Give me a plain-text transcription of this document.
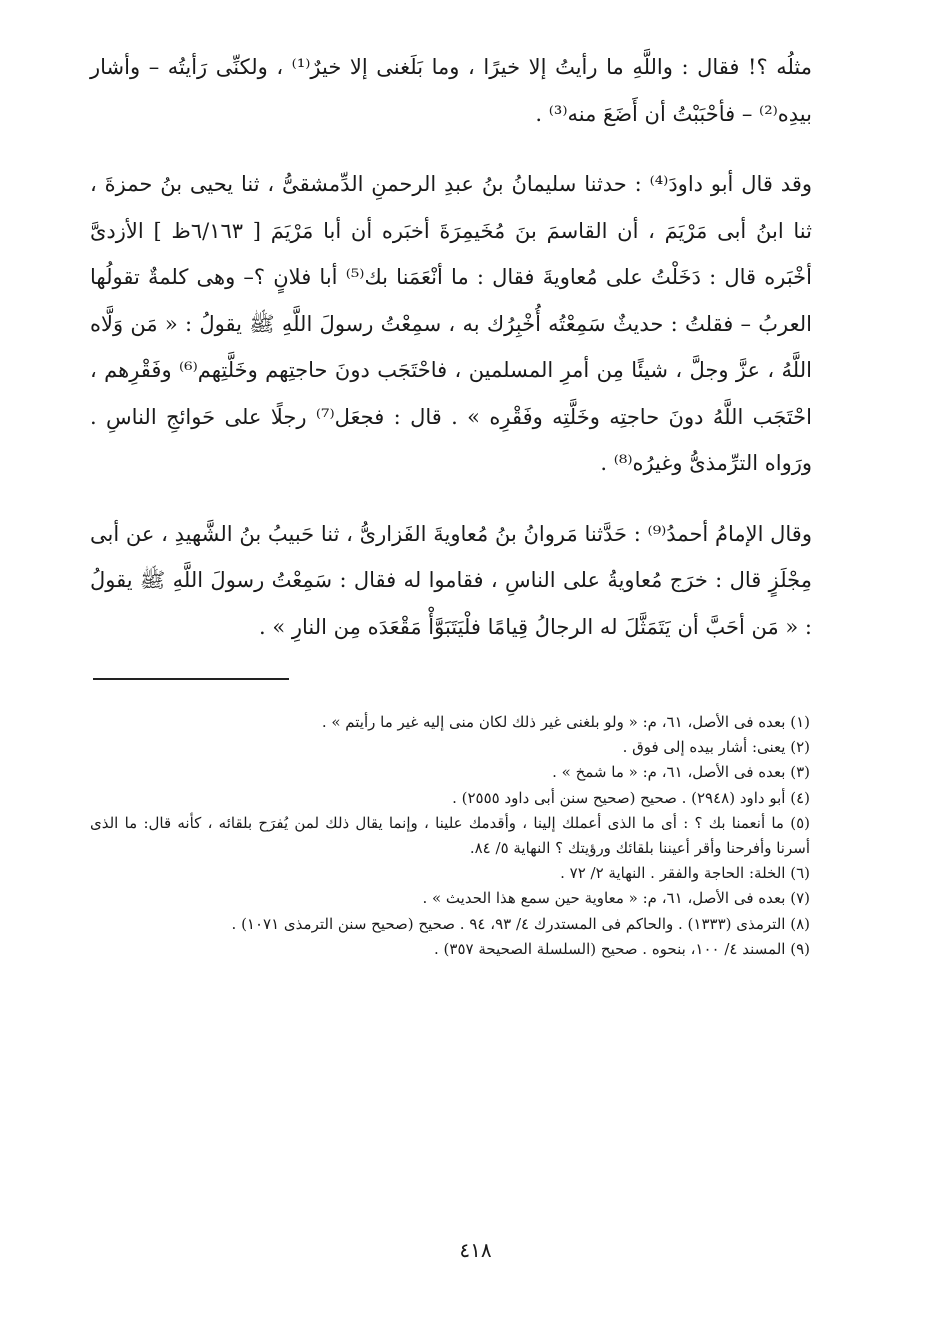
مثلُه ؟! فقال : واللَّهِ ما رأيتُ إلا خيرًا ، وما بَلَغنى إلا خيرٌ⁽¹⁾ ، ولكنِّى رَأيتُه – وأشار بيدِه⁽²⁾ – فأحْبَبْتُ أن أَضَعَ منه⁽³⁾ .

وقد قال أبو داودَ⁽⁴⁾ : حدثنا سليمانُ بنُ عبدِ الرحمنِ الدِّمشقىُّ ، ثنا يحيى بنُ حمزةَ ، ثنا ابنُ أبى مَرْيَمَ ، أن القاسمَ بنَ مُخَيمِرَةَ أخبَره أن أبا مَرْيَمَ [ ٦/١٦٣ظ ] الأزدىَّ أخْبَره قال : دَخَلْتُ على مُعاويةَ فقال : ما أنْعَمَنا بك⁽⁵⁾ أبا فلانٍ ؟– وهى كلمةٌ تقولُها العربُ – فقلتُ : حديثٌ سَمِعْتُه أُخْبِرُك به ، سمِعْتُ رسولَ اللَّهِ ﷺ يقولُ : « مَن وَلَّاه اللَّهُ ، عزَّ وجلَّ ، شيئًا مِن أمرِ المسلمين ، فاحْتَجَب دونَ حاجتِهم وخَلَّتِهم⁽⁶⁾ وفَقْرِهم ، احْتَجَب اللَّهُ دونَ حاجتِه وخَلَّتِه وفَقْرِه » . قال : فجعَل⁽⁷⁾ رجلًا على حَوائجِ الناسِ . ورَواه الترِّمذىُّ وغيرُه⁽⁸⁾ .

وقال الإمامُ أحمدُ⁽⁹⁾ : حَدَّثنا مَروانُ بنُ مُعاويةَ الفَزارىُّ ، ثنا حَبيبُ بنُ الشَّهيدِ ، عن أبى مِجْلَزٍ قال : خرَج مُعاويةُ على الناسِ ، فقاموا له فقال : سَمِعْتُ رسولَ اللَّهِ ﷺ يقولُ : « مَن أحَبَّ أن يَتَمَثَّلَ له الرجالُ قِيامًا فلْيَتَبَوَّأْ مَقْعَدَه مِن النارِ » .

(١) بعده فى الأصل، ٦١، م: « ولو بلغنى غير ذلك لكان منى إليه غير ما رأيتم » .

(٢) يعنى: أشار بيده إلى فوق .

(٣) بعده فى الأصل، ٦١، م: « ما شمخ » .

(٤) أبو داود (٢٩٤٨) . صحيح (صحيح سنن أبى داود ٢٥٥٥) .

(٥) ما أنعمنا بك ؟ : أى ما الذى أعملك إلينا ، وأقدمك علينا ، وإنما يقال ذلك لمن يُفرَح بلقائه ، كأنه قال: ما الذى أسرنا وأفرحنا وأقر أعيننا بلقائك ورؤيتك ؟ النهاية ٥/ ٨٤.

(٦) الخلة: الحاجة والفقر . النهاية ٢/ ٧٢ .

(٧) بعده فى الأصل، ٦١، م: « معاوية حين سمع هذا الحديث » .

(٨) الترمذى (١٣٣٣) . والحاكم فى المستدرك ٤/ ٩٣، ٩٤ . صحيح (صحيح سنن الترمذى ١٠٧١) .

(٩) المسند ٤/ ١٠٠، بنحوه . صحيح (السلسلة الصحيحة ٣٥٧) .

٤١٨
